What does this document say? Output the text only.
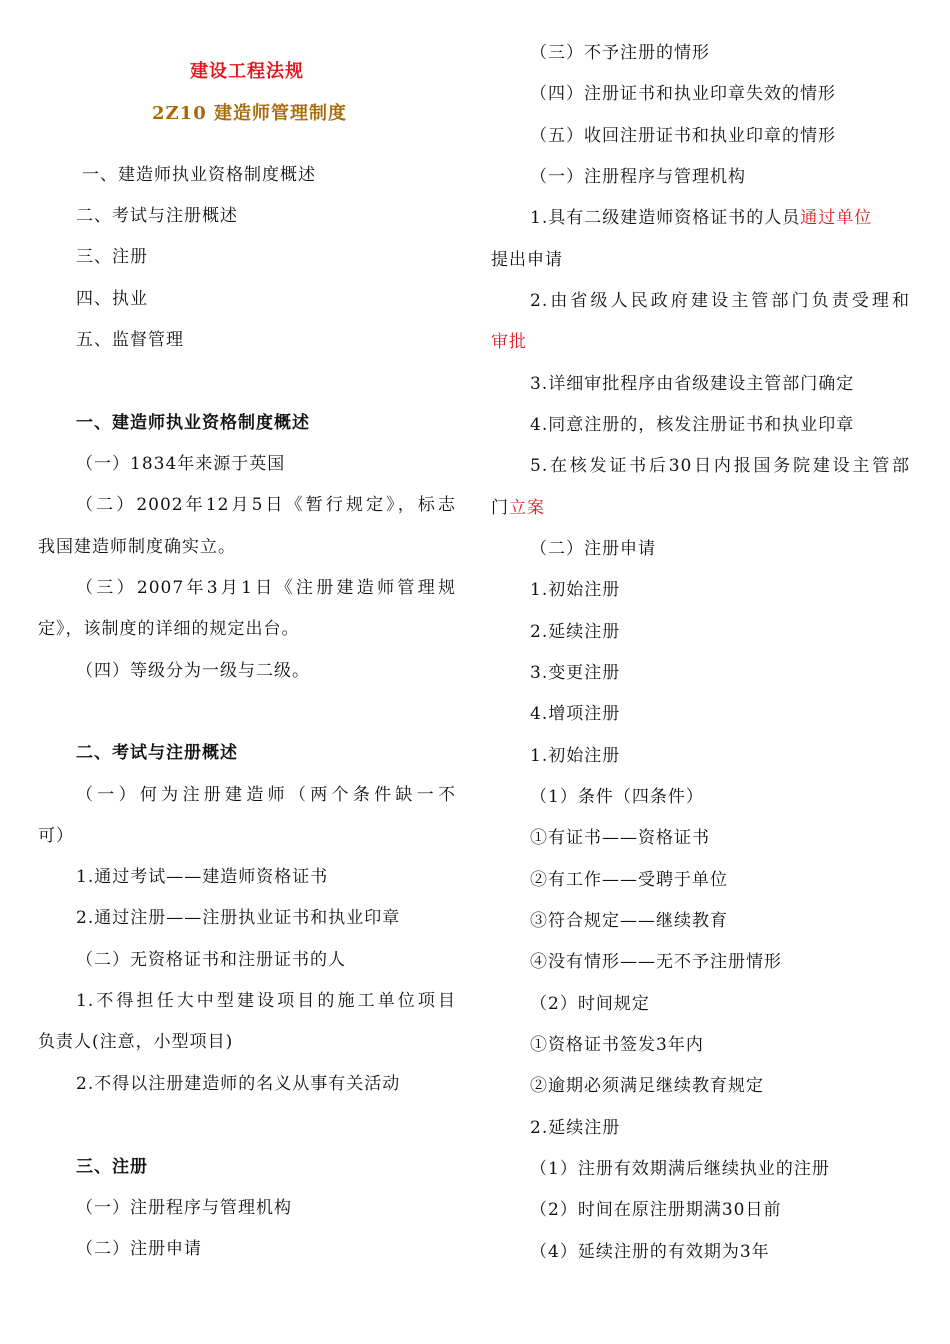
建设工程法规
2Z10 建造师管理制度
一、建造师执业资格制度概述
二、考试与注册概述
三、注册
四、执业
五、监督管理
一、建造师执业资格制度概述
（一）1834年来源于英国
（二）2002年12月5日《暂行规定》，标志
我国建造师制度确实立。
（三）2007年3月1日《注册建造师管理规
定》，该制度的详细的规定出台。
（四）等级分为一级与二级。
二、考试与注册概述
（一）何为注册建造师（两个条件缺一不
可）
1.通过考试——建造师资格证书
2.通过注册——注册执业证书和执业印章
（二）无资格证书和注册证书的人
1.不得担任大中型建设项目的施工单位项目
负责人(注意，小型项目)
2.不得以注册建造师的名义从事有关活动
三、注册
（一）注册程序与管理机构
（二）注册申请
（三）不予注册的情形
（四）注册证书和执业印章失效的情形
（五）收回注册证书和执业印章的情形
（一）注册程序与管理机构
1.具有二级建造师资格证书的人员通过单位
提出申请
2.由省级人民政府建设主管部门负责受理和
审批
3.详细审批程序由省级建设主管部门确定
4.同意注册的，核发注册证书和执业印章
5.在核发证书后30日内报国务院建设主管部
门立案
（二）注册申请
1.初始注册
2.延续注册
3.变更注册
4.增项注册
1.初始注册
（1）条件（四条件）
①有证书——资格证书
②有工作——受聘于单位
③符合规定——继续教育
④没有情形——无不予注册情形
（2）时间规定
①资格证书签发3年内
②逾期必须满足继续教育规定
2.延续注册
（1）注册有效期满后继续执业的注册
（2）时间在原注册期满30日前
（4）延续注册的有效期为3年
